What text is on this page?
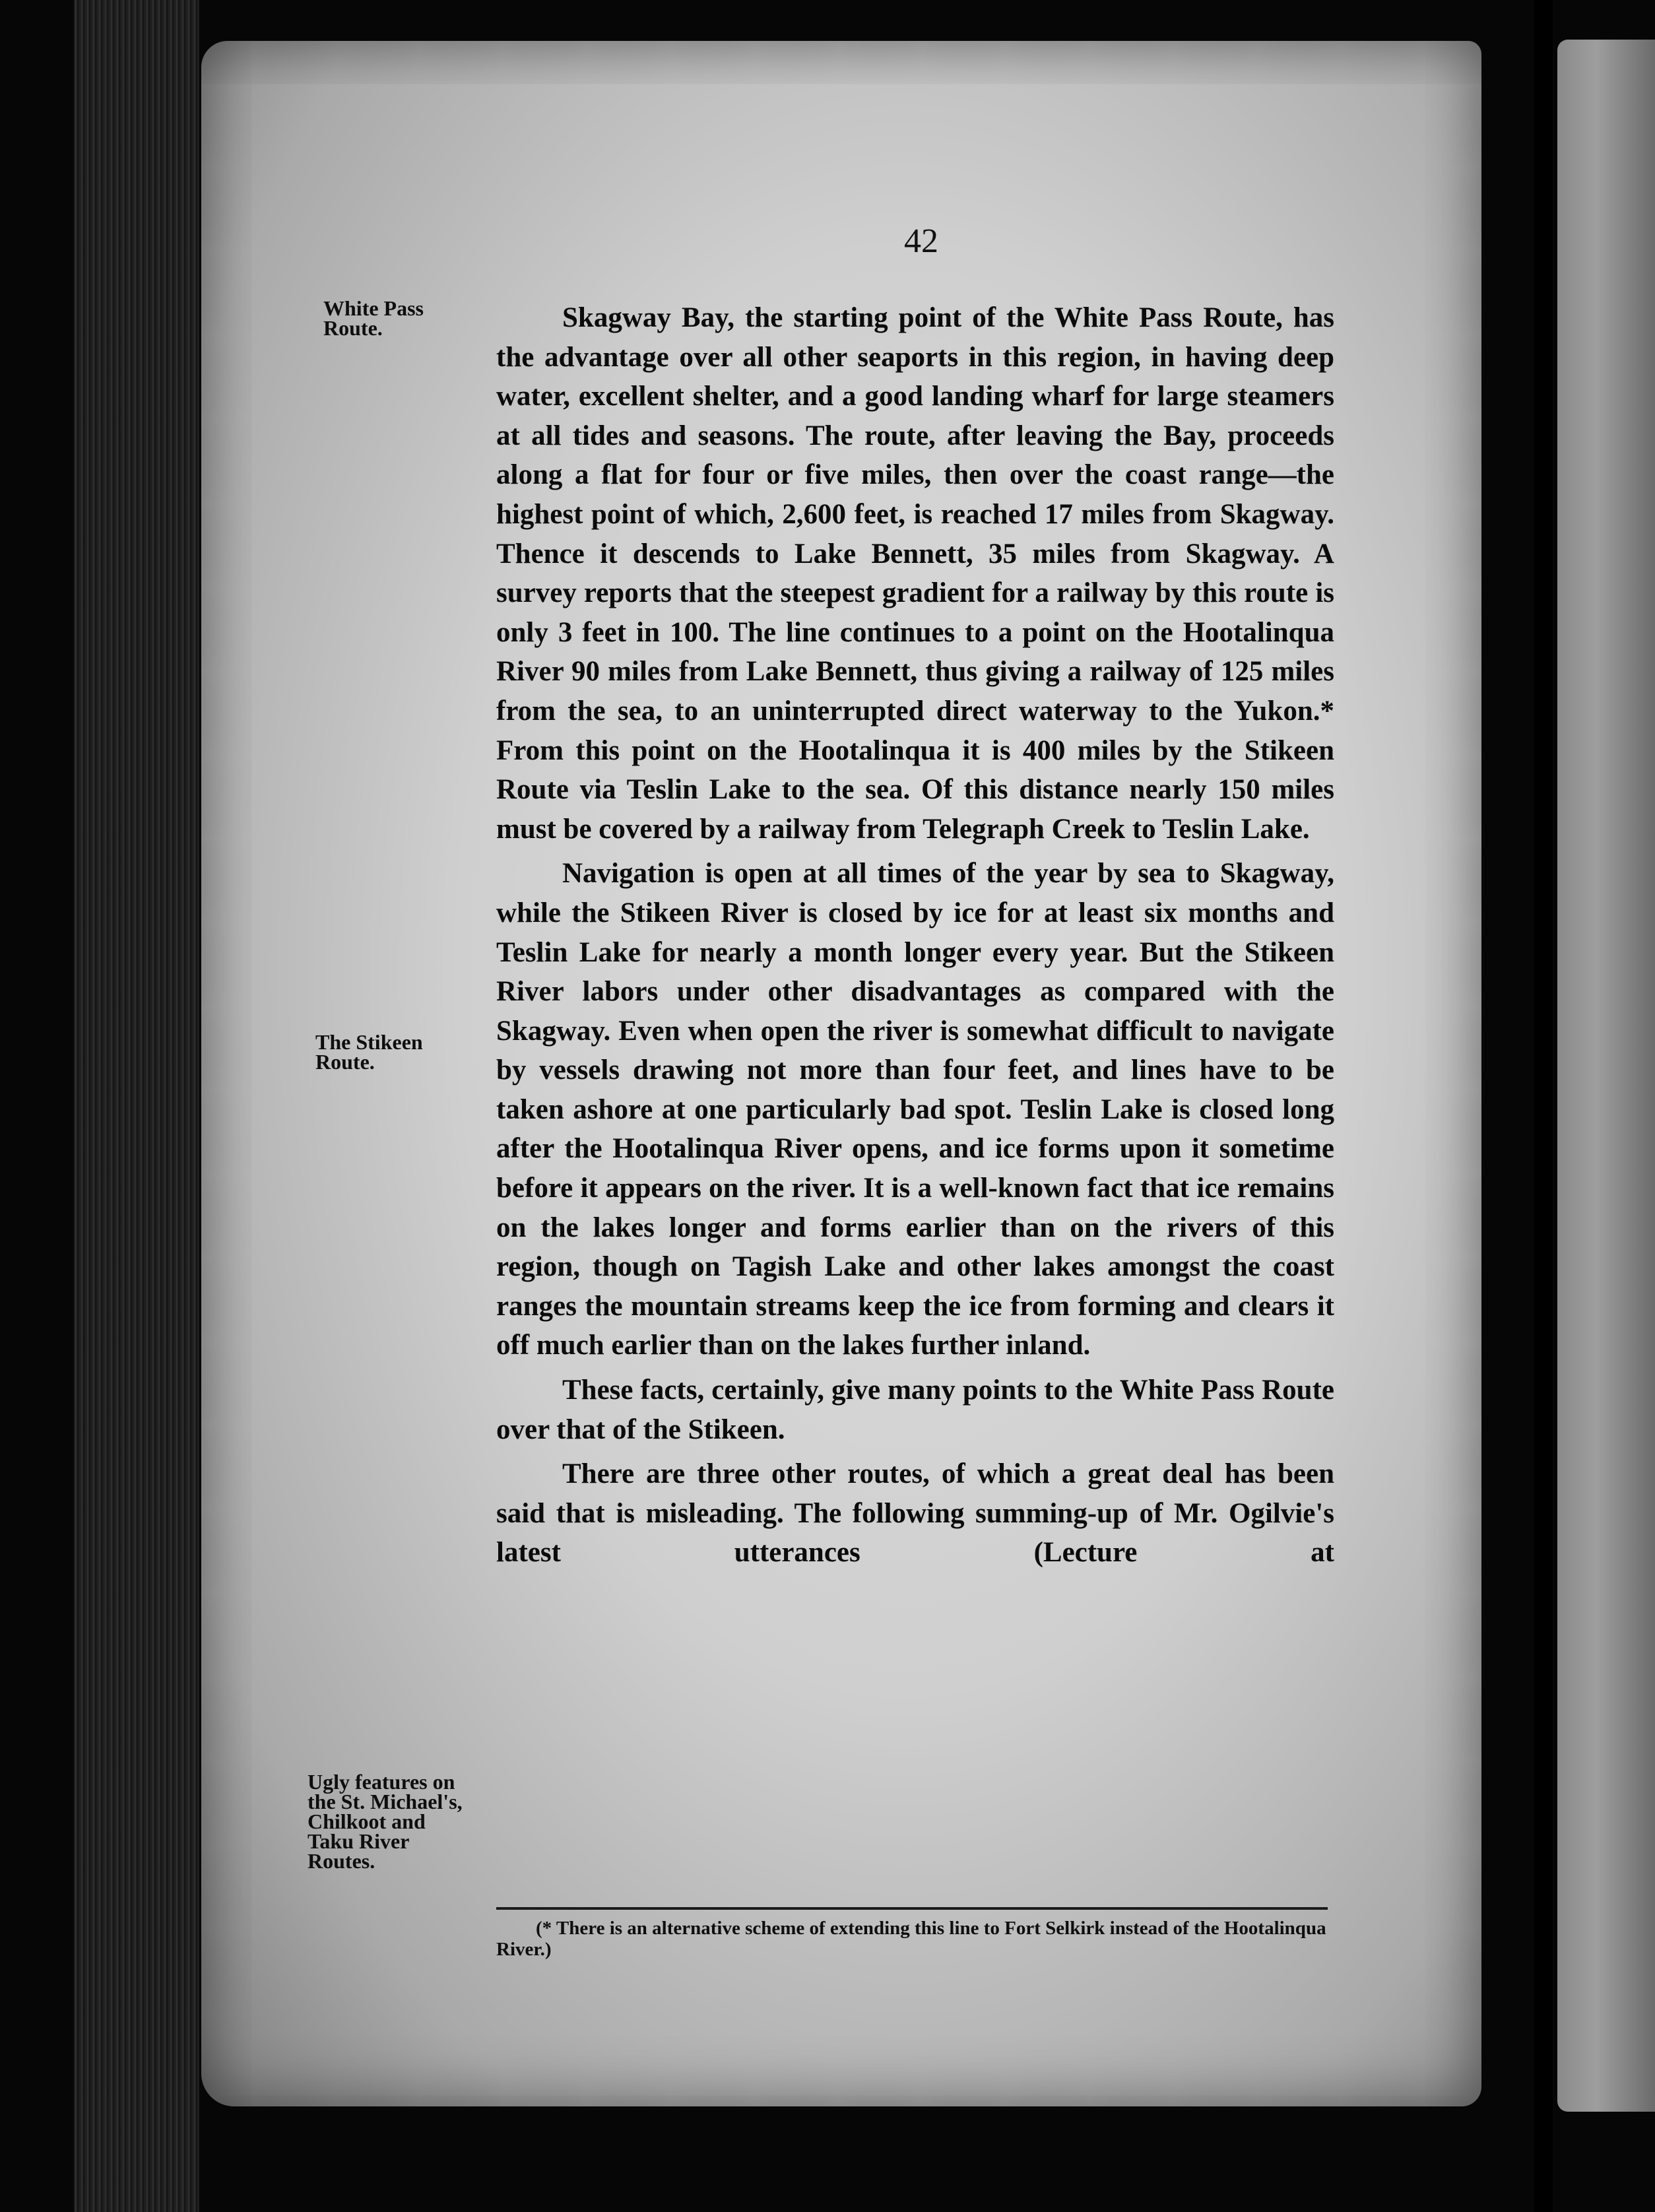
42
White Pass Route.
The Stikeen Route.
Ugly features on the St. Michael's, Chilkoot and Taku River Routes.

Skagway Bay, the starting point of the White Pass Route, has the advantage over all other seaports in this region, in having deep water, excellent shelter, and a good landing wharf for large steamers at all tides and seasons. The route, after leaving the Bay, proceeds along a flat for four or five miles, then over the coast range—the highest point of which, 2,600 feet, is reached 17 miles from Skagway. Thence it descends to Lake Bennett, 35 miles from Skagway. A survey reports that the steepest gradient for a railway by this route is only 3 feet in 100. The line continues to a point on the Hootalinqua River 90 miles from Lake Bennett, thus giving a railway of 125 miles from the sea, to an uninterrupted direct waterway to the Yukon.* From this point on the Hootalinqua it is 400 miles by the Stikeen Route via Teslin Lake to the sea. Of this distance nearly 150 miles must be covered by a railway from Telegraph Creek to Teslin Lake.

Navigation is open at all times of the year by sea to Skagway, while the Stikeen River is closed by ice for at least six months and Teslin Lake for nearly a month longer every year. But the Stikeen River labors under other disadvantages as compared with the Skagway. Even when open the river is somewhat difficult to navigate by vessels drawing not more than four feet, and lines have to be taken ashore at one particularly bad spot. Teslin Lake is closed long after the Hootalinqua River opens, and ice forms upon it sometime before it appears on the river. It is a well-known fact that ice remains on the lakes longer and forms earlier than on the rivers of this region, though on Tagish Lake and other lakes amongst the coast ranges the mountain streams keep the ice from forming and clears it off much earlier than on the lakes further inland.

These facts, certainly, give many points to the White Pass Route over that of the Stikeen.

There are three other routes, of which a great deal has been said that is misleading. The following summing-up of Mr. Ogilvie's latest utterances (Lecture at

(* There is an alternative scheme of extending this line to Fort Selkirk instead of the Hootalinqua River.)
